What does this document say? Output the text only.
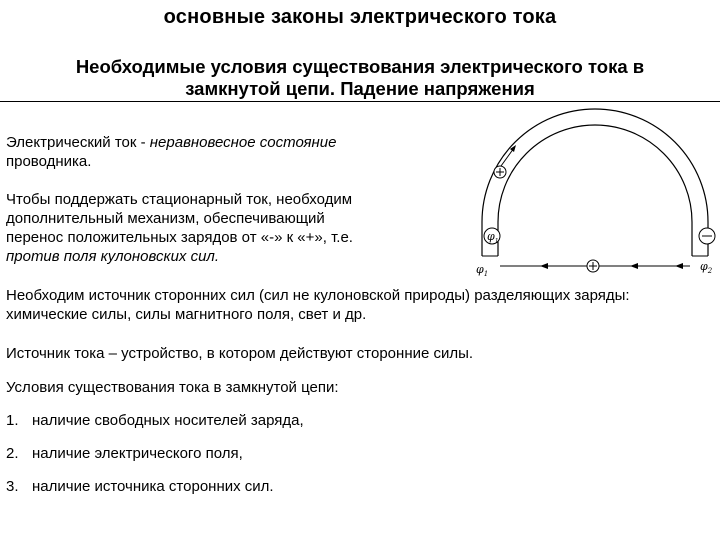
основные законы электрического тока
Необходимые условия существования электрического тока в
замкнутой цепи. Падение напряжения
Электрический ток - неравновесное состояние
проводника.
Чтобы поддержать стационарный ток, необходим
дополнительный механизм, обеспечивающий
перенос положительных зарядов от «-» к «+», т.е.
против поля кулоновских сил.

Необходим источник сторонних сил (сил не кулоновской природы) разделяющих заряды: химические силы, силы магнитного поля, свет и др.

Источник тока – устройство, в котором действуют сторонние силы.

Условия существования тока в замкнутой цепи:

1. наличие свободных носителей заряда,
2. наличие электрического поля,
3. наличие источника сторонних сил.
$\varphi_1$
$\varphi_2$
$\varphi_1$
